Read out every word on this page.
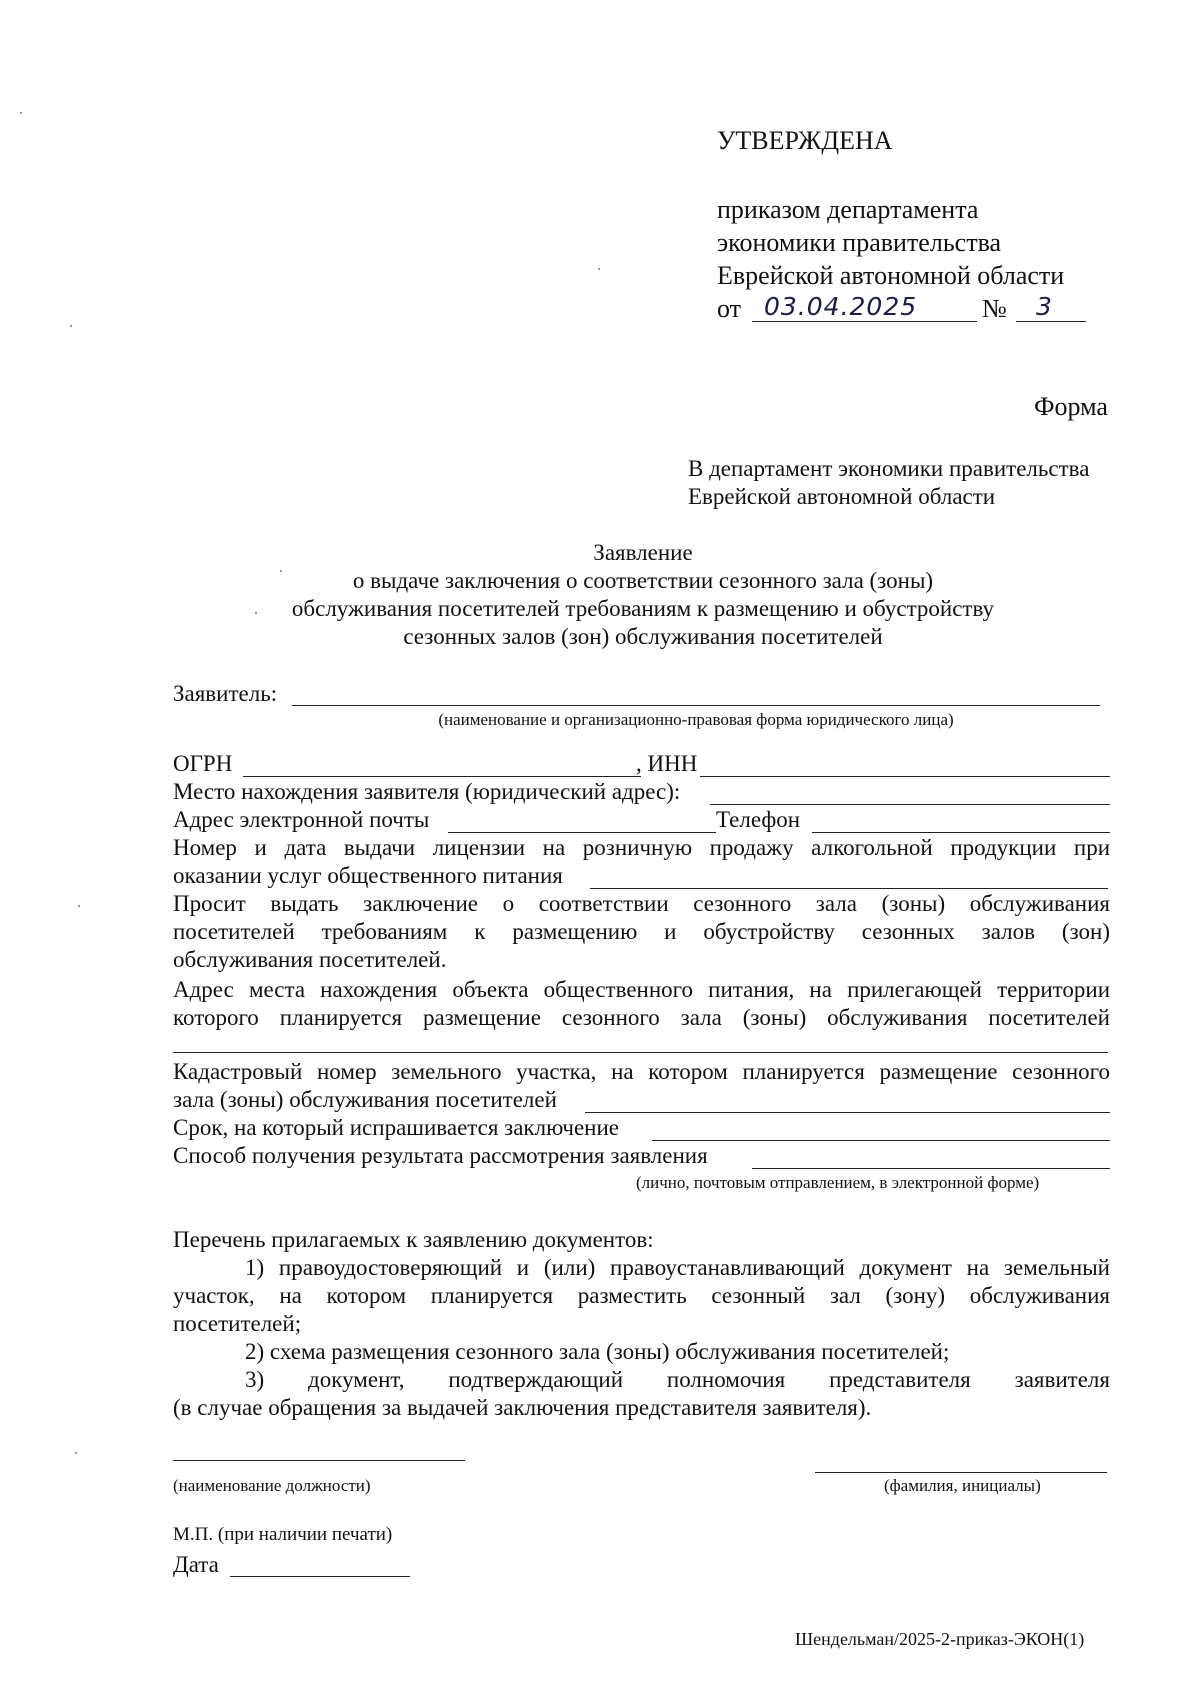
УТВЕРЖДЕНА
приказом департамента
экономики правительства
Еврейской автономной области
от 03.04.2025 № 3
Форма
В департамент экономики правительства
Еврейской автономной области
Заявление
о выдаче заключения о соответствии сезонного зала (зоны)
обслуживания посетителей требованиям к размещению и обустройству
сезонных залов (зон) обслуживания посетителей
Заявитель:
(наименование и организационно-правовая форма юридического лица)
ОГРН	, ИНН
Место нахождения заявителя (юридический адрес):
Адрес электронной почты	Телефон
Номер и дата выдачи лицензии на розничную продажу алкогольной продукции при
оказании услуг общественного питания
Просит выдать заключение о соответствии сезонного зала (зоны) обслуживания
посетителей требованиям к размещению и обустройству сезонных залов (зон)
обслуживания посетителей.
Адрес места нахождения объекта общественного питания, на прилегающей территории
которого планируется размещение сезонного зала (зоны) обслуживания посетителей
Кадастровый номер земельного участка, на котором планируется размещение сезонного
зала (зоны) обслуживания посетителей
Срок, на который испрашивается заключение
Способ получения результата рассмотрения заявления
(лично, почтовым отправлением, в электронной форме)
Перечень прилагаемых к заявлению документов:
1) правоудостоверяющий и (или) правоустанавливающий документ на земельный
участок, на котором планируется разместить сезонный зал (зону) обслуживания
посетителей;
2) схема размещения сезонного зала (зоны) обслуживания посетителей;
3) документ, подтверждающий полномочия представителя заявителя
(в случае обращения за выдачей заключения представителя заявителя).
(наименование должности)	(фамилия, инициалы)
М.П. (при наличии печати)
Дата
Шендельман/2025-2-приказ-ЭКОН(1)
